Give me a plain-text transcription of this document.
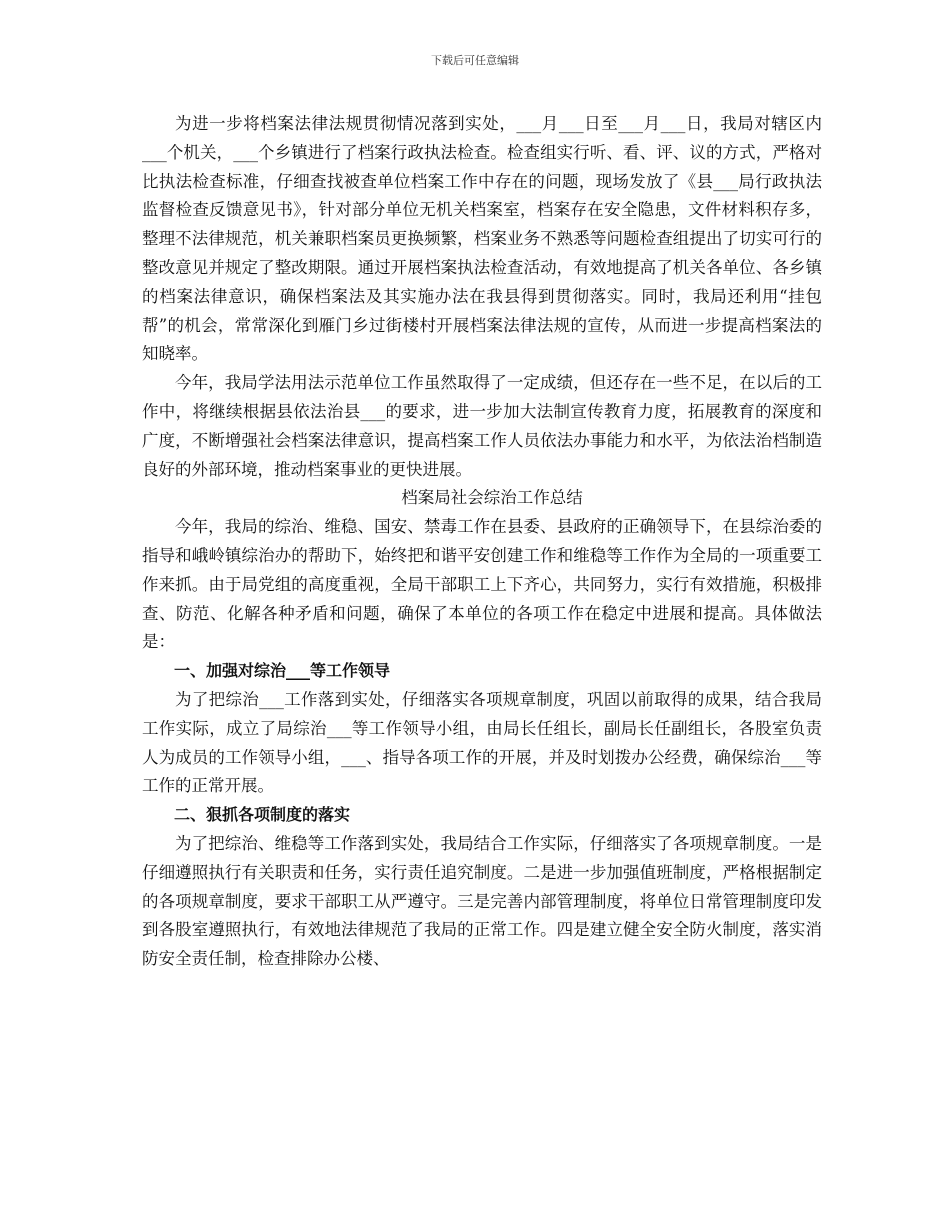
下载后可任意编辑

为进一步将档案法律法规贯彻情况落到实处，___月___日至___月___日，我局对辖区内___个机关，___个乡镇进行了档案行政执法检查。检查组实行听、看、评、议的方式，严格对比执法检查标准，仔细查找被查单位档案工作中存在的问题，现场发放了《县___局行政执法监督检查反馈意见书》，针对部分单位无机关档案室，档案存在安全隐患，文件材料积存多，整理不法律规范，机关兼职档案员更换频繁，档案业务不熟悉等问题检查组提出了切实可行的整改意见并规定了整改期限。通过开展档案执法检查活动，有效地提高了机关各单位、各乡镇的档案法律意识，确保档案法及其实施办法在我县得到贯彻落实。同时，我局还利用“挂包帮”的机会，常常深化到雁门乡过街楼村开展档案法律法规的宣传，从而进一步提高档案法的知晓率。

今年，我局学法用法示范单位工作虽然取得了一定成绩，但还存在一些不足，在以后的工作中，将继续根据县依法治县___的要求，进一步加大法制宣传教育力度，拓展教育的深度和广度，不断增强社会档案法律意识，提高档案工作人员依法办事能力和水平，为依法治档制造良好的外部环境，推动档案事业的更快进展。

档案局社会综治工作总结

今年，我局的综治、维稳、国安、禁毒工作在县委、县政府的正确领导下，在县综治委的指导和峨岭镇综治办的帮助下，始终把和谐平安创建工作和维稳等工作作为全局的一项重要工作来抓。由于局党组的高度重视，全局干部职工上下齐心，共同努力，实行有效措施，积极排查、防范、化解各种矛盾和问题，确保了本单位的各项工作在稳定中进展和提高。具体做法是：

一、加强对综治___等工作领导

为了把综治___工作落到实处，仔细落实各项规章制度，巩固以前取得的成果，结合我局工作实际，成立了局综治___等工作领导小组，由局长任组长，副局长任副组长，各股室负责人为成员的工作领导小组，___、指导各项工作的开展，并及时划拨办公经费，确保综治___等工作的正常开展。

二、狠抓各项制度的落实

为了把综治、维稳等工作落到实处，我局结合工作实际，仔细落实了各项规章制度。一是仔细遵照执行有关职责和任务，实行责任追究制度。二是进一步加强值班制度，严格根据制定的各项规章制度，要求干部职工从严遵守。三是完善内部管理制度，将单位日常管理制度印发到各股室遵照执行，有效地法律规范了我局的正常工作。四是建立健全安全防火制度，落实消防安全责任制，检查排除办公楼、
